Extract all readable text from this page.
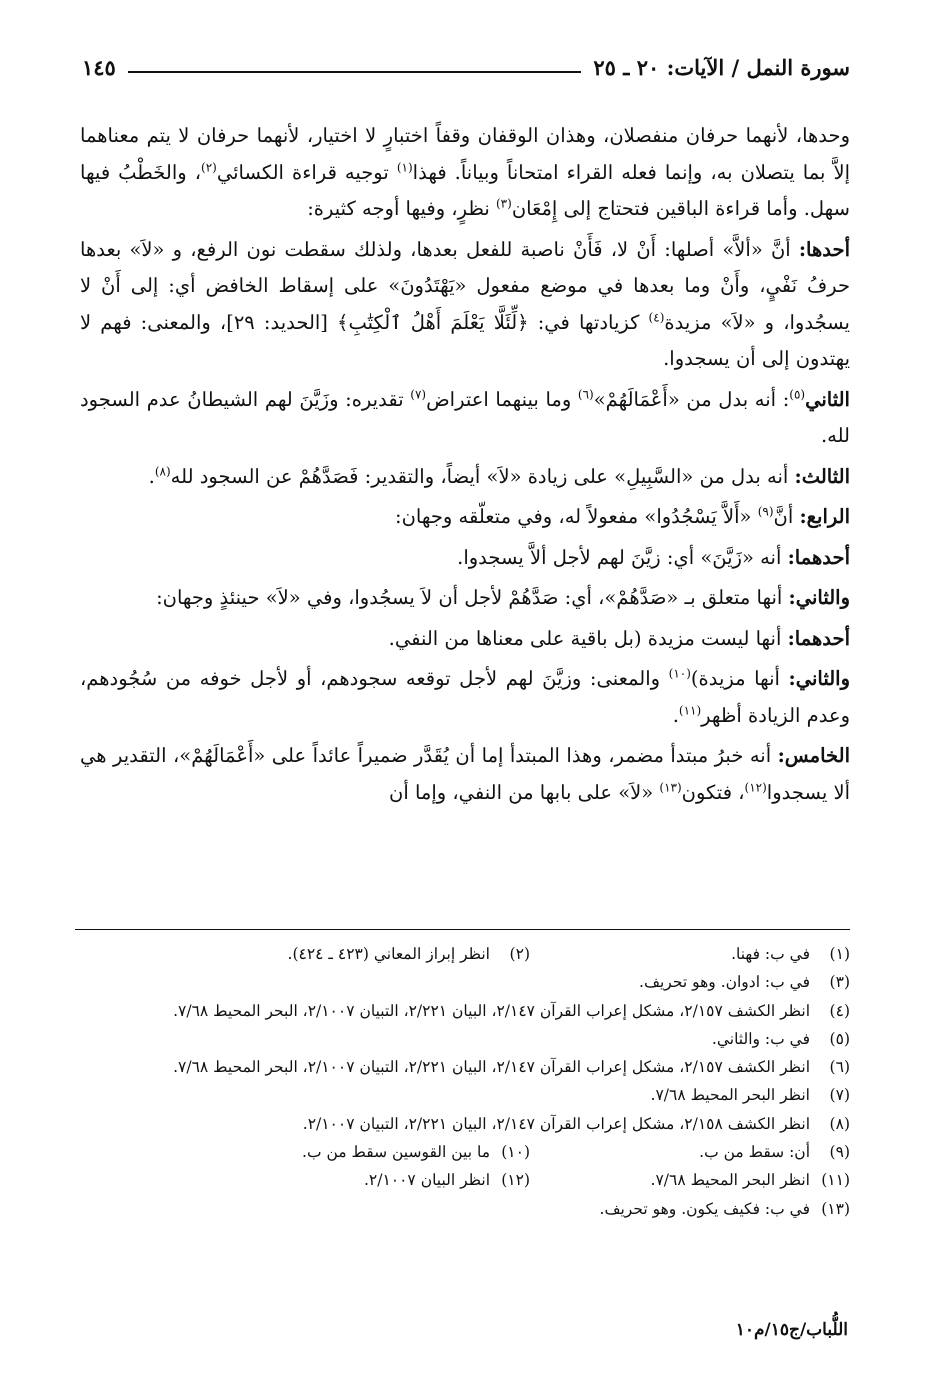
سورة النمل / الآيات: ٢٠ ـ ٢٥
١٤٥

وحدها، لأنهما حرفان منفصلان، وهذان الوقفان وقفاً اختبارٍ لا اختيار، لأنهما حرفان لا يتم معناهما إلاَّ بما يتصلان به، وإنما فعله القراء امتحاناً وبياناً. فهذا$^{(١)}$ توجيه قراءة الكسائي$^{(٢)}$، والخَطْبُ فيها سهل. وأما قراءة الباقين فتحتاج إلى إِمْعَان$^{(٣)}$ نظرٍ، وفيها أوجه كثيرة:

أحدها: أنَّ «ألاَّ» أصلها: أَنْ لا، فَأَنْ ناصبة للفعل بعدها، ولذلك سقطت نون الرفع، و «لاَ» بعدها حرفُ نَفْيٍ، وأَنْ وما بعدها في موضع مفعول «يَهْتَدُونَ» على إسقاط الخافض أي: إلى أَنْ لا يسجُدوا، و «لاَ» مزيدة$^{(٤)}$ كزيادتها في: ﴿لِّئَلَّا يَعْلَمَ أَهْلُ ٱلْكِتَٰبِ﴾ [الحديد: ٢٩]، والمعنى: فهم لا يهتدون إلى أن يسجدوا.

الثاني$^{(٥)}$: أنه بدل من «أَعْمَالَهُمْ»$^{(٦)}$ وما بينهما اعتراض$^{(٧)}$ تقديره: وزَيَّنَ لهم الشيطانُ عدم السجود لله.

الثالث: أنه بدل من «السَّبِيلِ» على زيادة «لاَ» أيضاً، والتقدير: فَصَدَّهُمْ عن السجود لله$^{(٨)}$.

الرابع: أنَّ$^{(٩)}$ «أَلاَّ يَسْجُدُوا» مفعولاً له، وفي متعلّقه وجهان:

أحدهما: أنه «زَيَّنَ» أي: زيَّنَ لهم لأجل ألاَّ يسجدوا.

والثاني: أنها متعلق بـ «صَدَّهُمْ»، أي: صَدَّهُمْ لأجل أن لاَ يسجُدوا، وفي «لاَ» حينئذٍ وجهان:

أحدهما: أنها ليست مزيدة (بل باقية على معناها من النفي.

والثاني: أنها مزيدة)$^{(١٠)}$ والمعنى: وزيَّنَ لهم لأجل توقعه سجودهم، أو لأجل خوفه من سُجُودهم، وعدم الزيادة أظهر$^{(١١)}$.

الخامس: أنه خبرُ مبتدأ مضمر، وهذا المبتدأ إما أن يُقَدَّر ضميراً عائداً على «أَعْمَالَهُمْ»، التقدير هي ألا يسجدوا$^{(١٢)}$، فتكون$^{(١٣)}$ «لاَ» على بابها من النفي، وإما أن

(١)
في ب: فهنا.
(٢)
انظر إبراز المعاني (٤٢٣ ـ ٤٢٤).
(٣)
في ب: ادوان. وهو تحريف.
(٤)
انظر الكشف ٢/١٥٧، مشكل إعراب القرآن ٢/١٤٧، البيان ٢/٢٢١، التبيان ٢/١٠٠٧، البحر المحيط ٧/٦٨.
(٥)
في ب: والثاني.
(٦)
انظر الكشف ٢/١٥٧، مشكل إعراب القرآن ٢/١٤٧، البيان ٢/٢٢١، التبيان ٢/١٠٠٧، البحر المحيط ٧/٦٨.
(٧)
انظر البحر المحيط ٧/٦٨.
(٨)
انظر الكشف ٢/١٥٨، مشكل إعراب القرآن ٢/١٤٧، البيان ٢/٢٢١، التبيان ٢/١٠٠٧.
(٩)
أن: سقط من ب.
(١٠)
ما بين القوسين سقط من ب.
(١١)
انظر البحر المحيط ٧/٦٨.
(١٢)
انظر البيان ٢/١٠٠٧.
(١٣)
في ب: فكيف يكون. وهو تحريف.
اللُّباب/ج١٥/م١٠
